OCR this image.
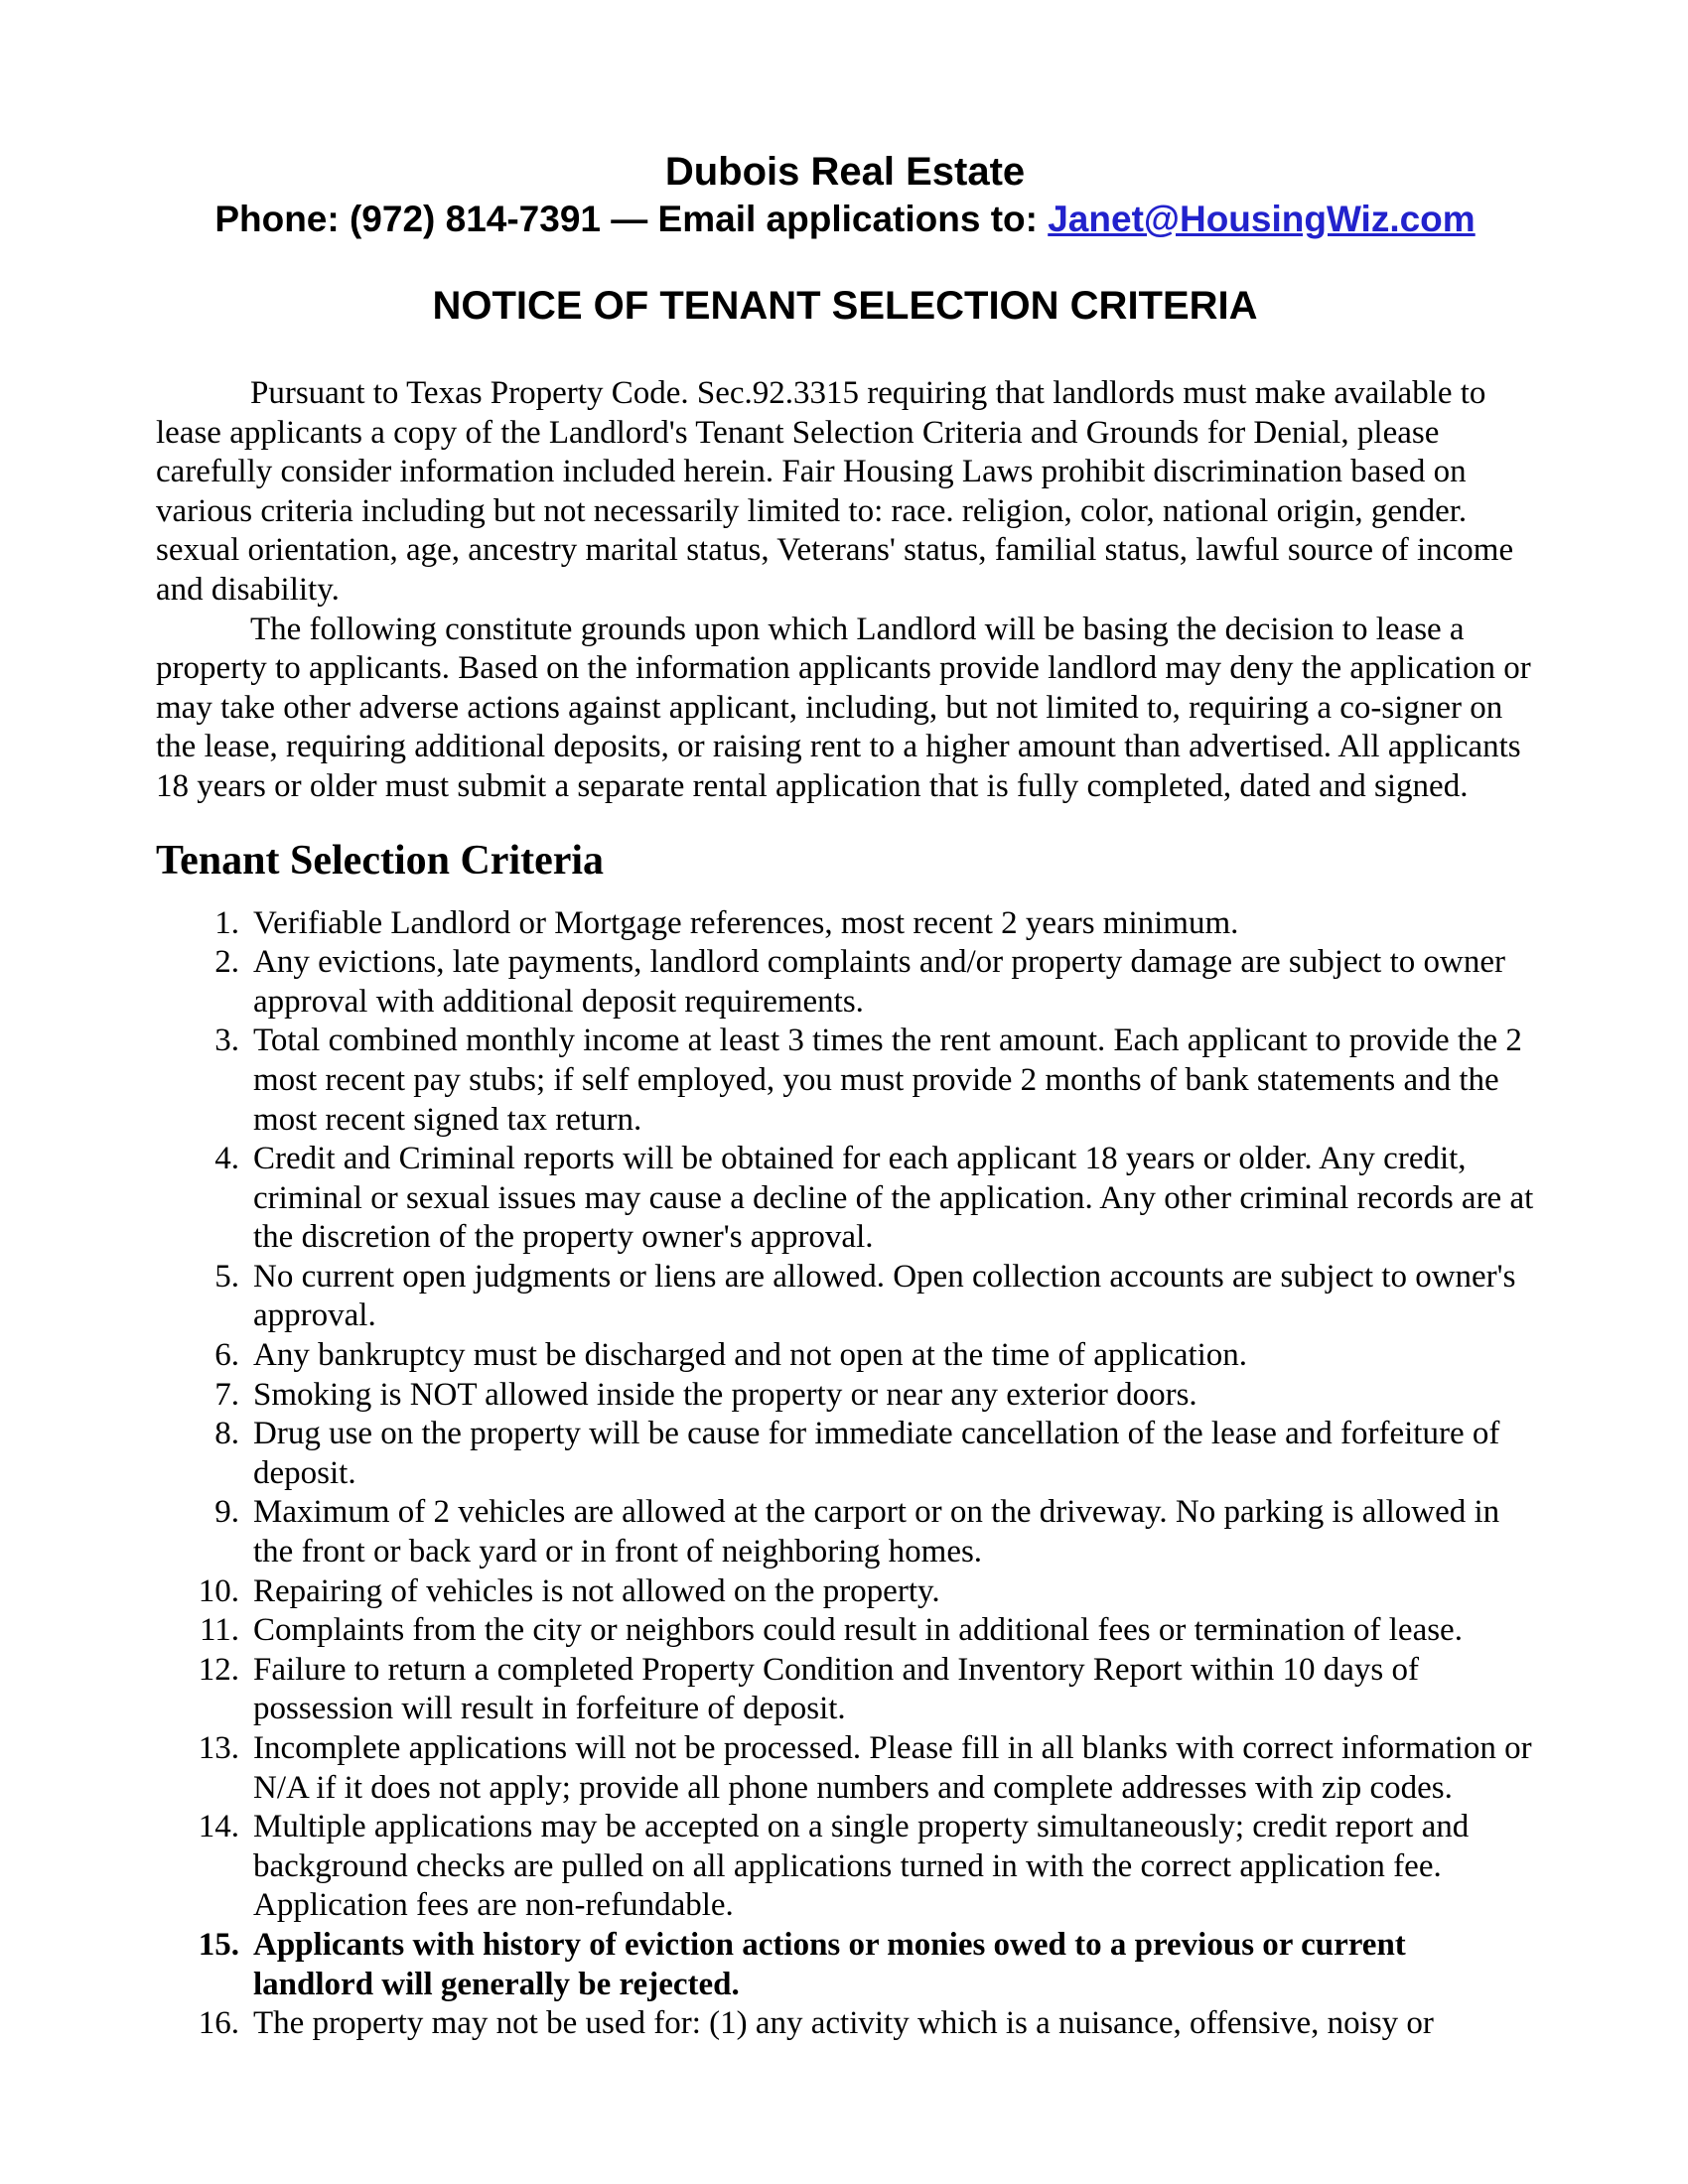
Dubois Real Estate
Phone: (972) 814-7391 — Email applications to: Janet@HousingWiz.com
NOTICE OF TENANT SELECTION CRITERIA

Pursuant to Texas Property Code. Sec.92.3315 requiring that landlords must make available to lease applicants a copy of the Landlord's Tenant Selection Criteria and Grounds for Denial, please carefully consider information included herein. Fair Housing Laws prohibit discrimination based on various criteria including but not necessarily limited to: race. religion, color, national origin, gender. sexual orientation, age, ancestry marital status, Veterans' status, familial status, lawful source of income and disability.

The following constitute grounds upon which Landlord will be basing the decision to lease a property to applicants. Based on the information applicants provide landlord may deny the application or may take other adverse actions against applicant, including, but not limited to, requiring a co-signer on the lease, requiring additional deposits, or raising rent to a higher amount than advertised. All applicants 18 years or older must submit a separate rental application that is fully completed, dated and signed.

Tenant Selection Criteria
1. Verifiable Landlord or Mortgage references, most recent 2 years minimum.
2. Any evictions, late payments, landlord complaints and/or property damage are subject to owner approval with additional deposit requirements.
3. Total combined monthly income at least 3 times the rent amount. Each applicant to provide the 2 most recent pay stubs; if self employed, you must provide 2 months of bank statements and the most recent signed tax return.
4. Credit and Criminal reports will be obtained for each applicant 18 years or older. Any credit, criminal or sexual issues may cause a decline of the application. Any other criminal records are at the discretion of the property owner's approval.
5. No current open judgments or liens are allowed. Open collection accounts are subject to owner's approval.
6. Any bankruptcy must be discharged and not open at the time of application.
7. Smoking is NOT allowed inside the property or near any exterior doors.
8. Drug use on the property will be cause for immediate cancellation of the lease and forfeiture of deposit.
9. Maximum of 2 vehicles are allowed at the carport or on the driveway. No parking is allowed in the front or back yard or in front of neighboring homes.
10. Repairing of vehicles is not allowed on the property.
11. Complaints from the city or neighbors could result in additional fees or termination of lease.
12. Failure to return a completed Property Condition and Inventory Report within 10 days of possession will result in forfeiture of deposit.
13. Incomplete applications will not be processed. Please fill in all blanks with correct information or N/A if it does not apply; provide all phone numbers and complete addresses with zip codes.
14. Multiple applications may be accepted on a single property simultaneously; credit report and background checks are pulled on all applications turned in with the correct application fee. Application fees are non-refundable.
15. Applicants with history of eviction actions or monies owed to a previous or current landlord will generally be rejected.
16. The property may not be used for: (1) any activity which is a nuisance, offensive, noisy or
